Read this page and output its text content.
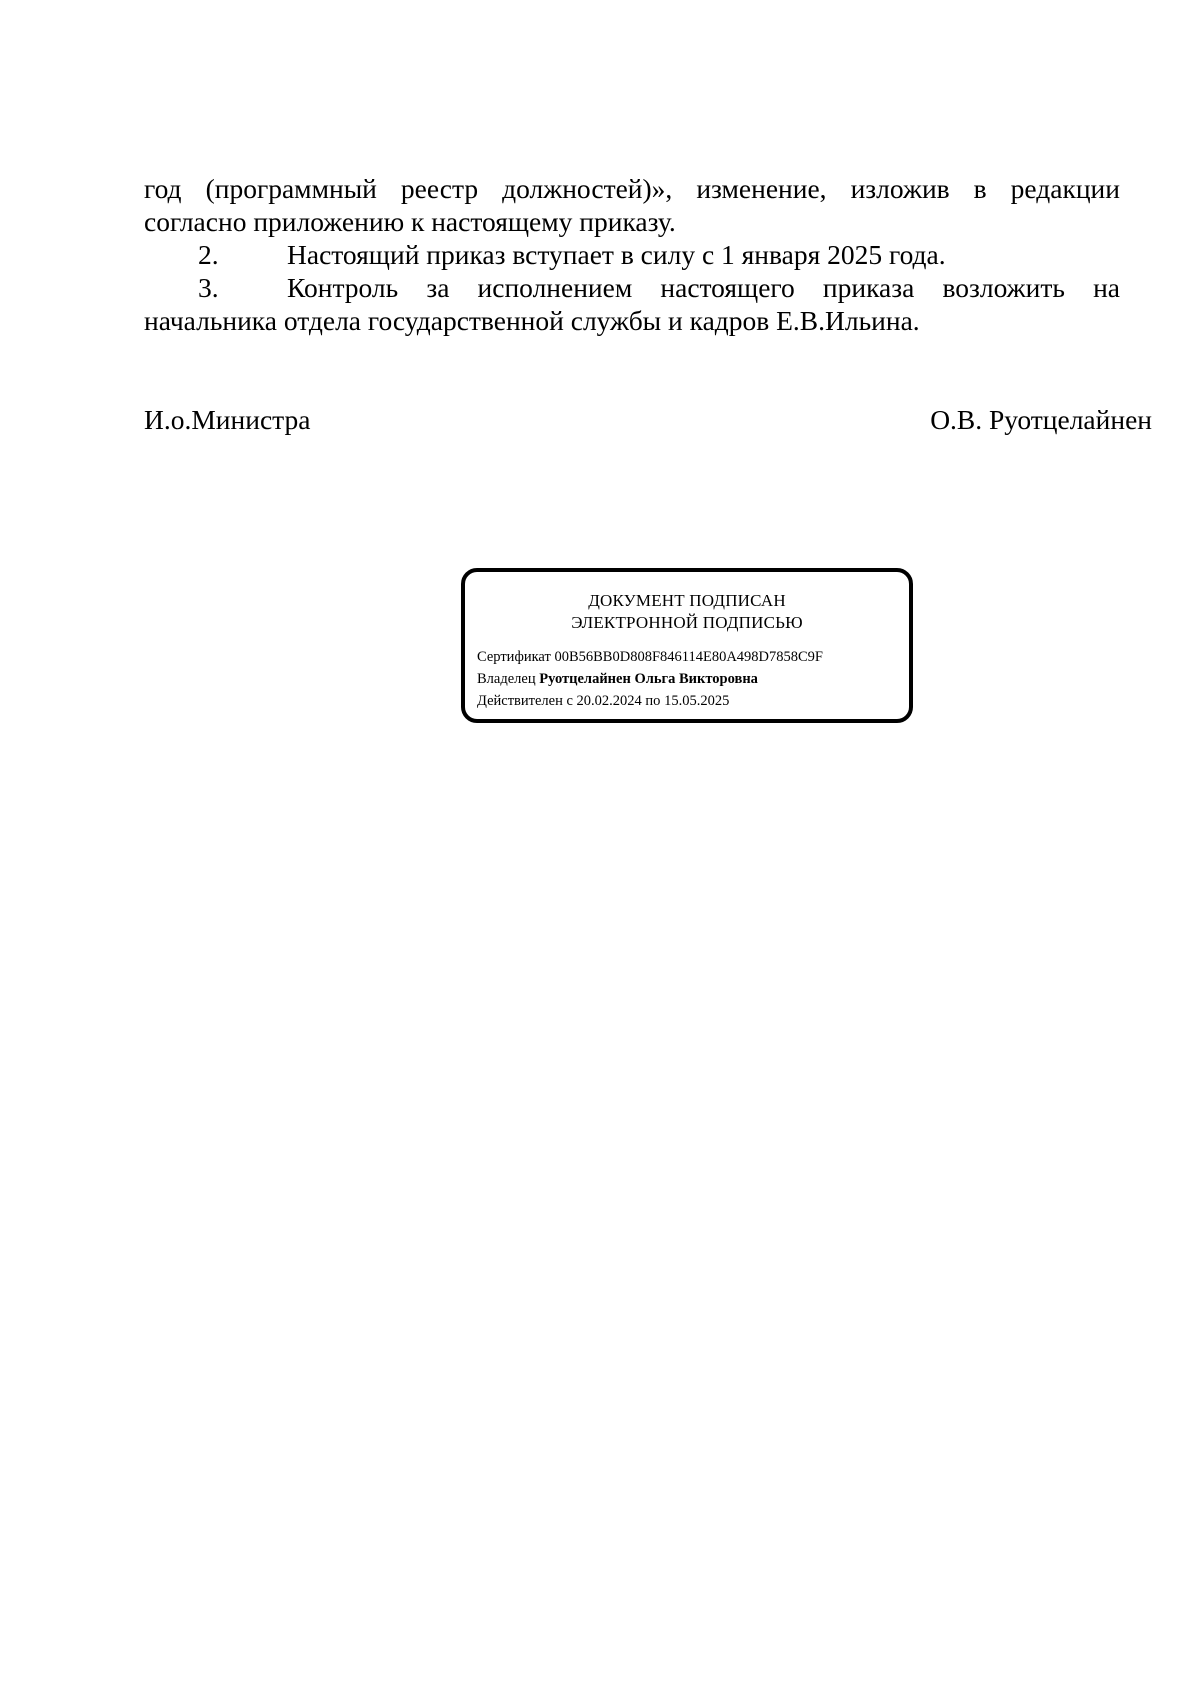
год (программный реестр должностей)», изменение, изложив в редакции

согласно приложению к настоящему приказу.

2. Настоящий приказ вступает в силу с 1 января 2025 года.

3. Контроль за исполнением настоящего приказа возложить на

начальника отдела государственной службы и кадров Е.В.Ильина.

И.о.Министра	О.В. Руотцелайнен
ДОКУМЕНТ ПОДПИСАН
ЭЛЕКТРОННОЙ ПОДПИСЬЮ
Сертификат 00B56BB0D808F846114E80A498D7858C9F
Владелец Руотцелайнен Ольга Викторовна
Действителен с 20.02.2024 по 15.05.2025
